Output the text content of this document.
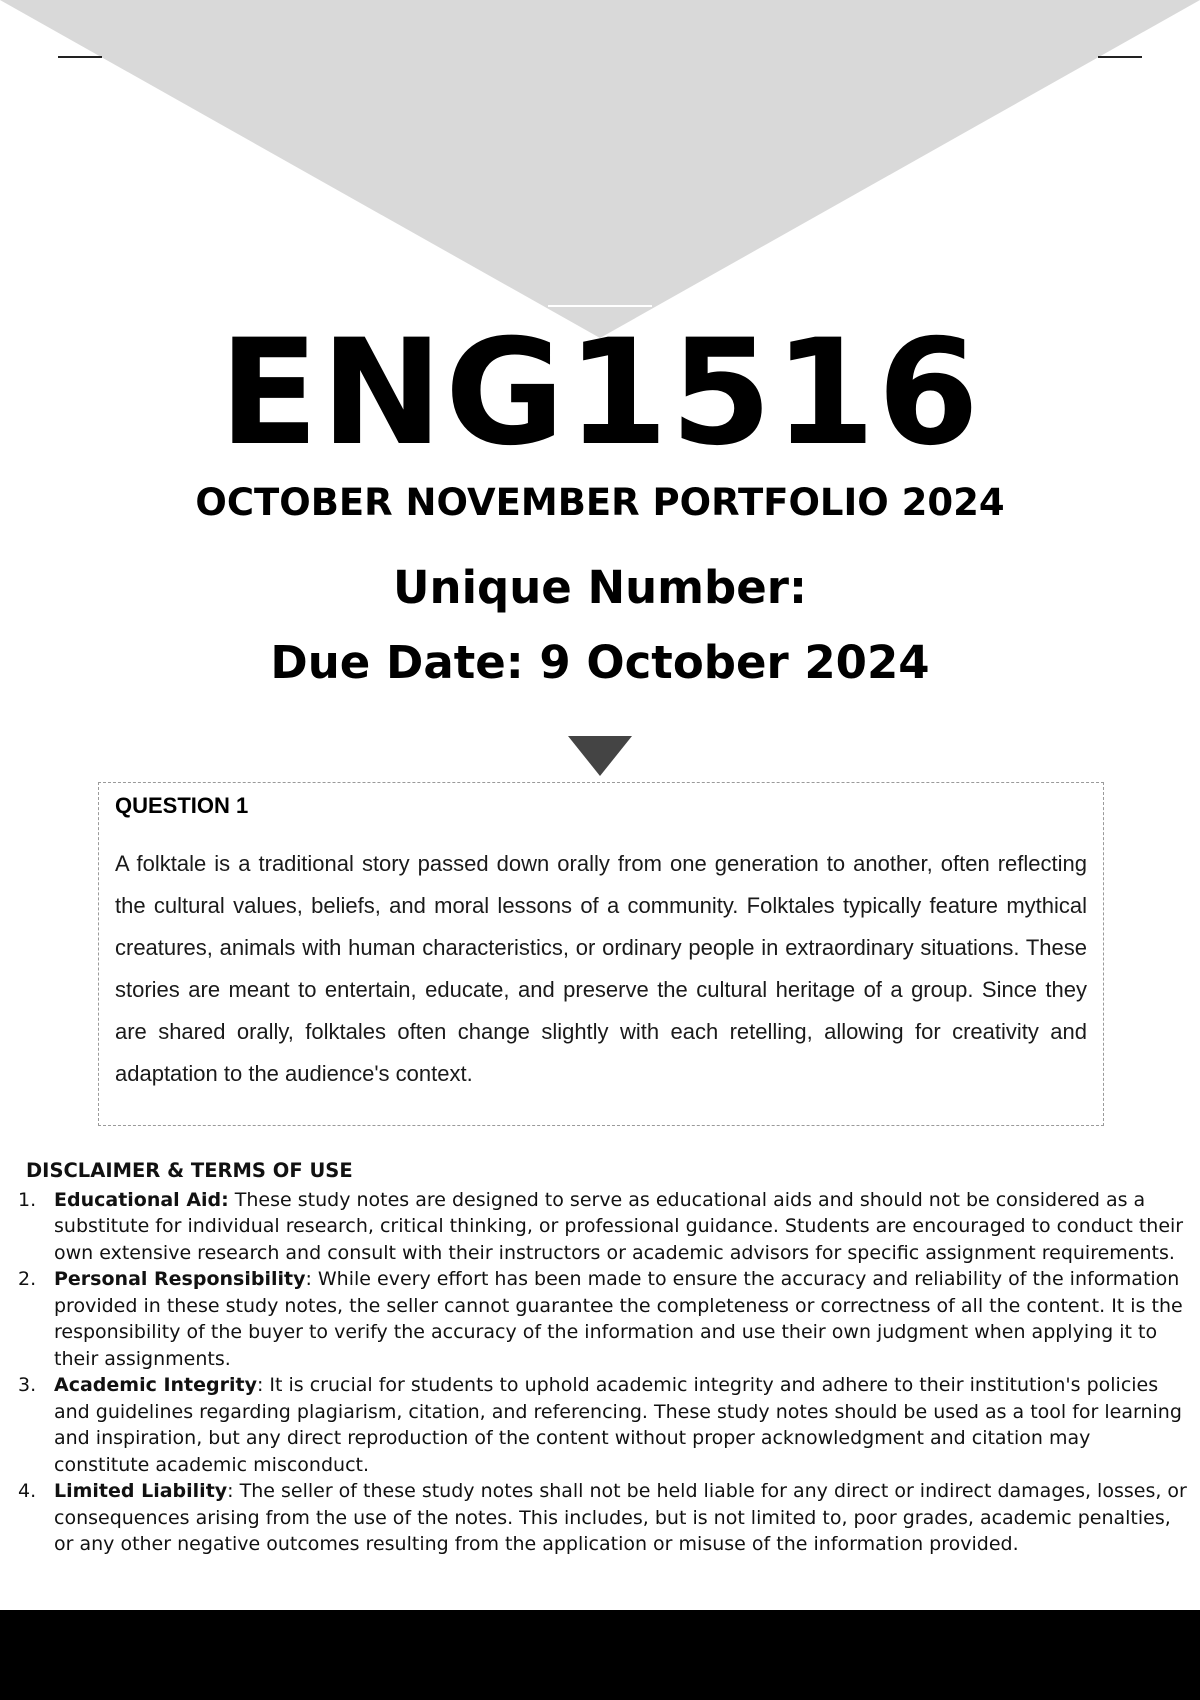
ENG1516
OCTOBER NOVEMBER PORTFOLIO 2024
Unique Number:
Due Date: 9 October 2024
QUESTION 1

A folktale is a traditional story passed down orally from one generation to another, often reflecting the cultural values, beliefs, and moral lessons of a community. Folktales typically feature mythical creatures, animals with human characteristics, or ordinary people in extraordinary situations. These stories are meant to entertain, educate, and preserve the cultural heritage of a group. Since they are shared orally, folktales often change slightly with each retelling, allowing for creativity and adaptation to the audience's context.

DISCLAIMER & TERMS OF USE
1. Educational Aid: These study notes are designed to serve as educational aids and should not be considered as a substitute for individual research, critical thinking, or professional guidance. Students are encouraged to conduct their own extensive research and consult with their instructors or academic advisors for specific assignment requirements.
2. Personal Responsibility: While every effort has been made to ensure the accuracy and reliability of the information provided in these study notes, the seller cannot guarantee the completeness or correctness of all the content. It is the responsibility of the buyer to verify the accuracy of the information and use their own judgment when applying it to their assignments.
3. Academic Integrity: It is crucial for students to uphold academic integrity and adhere to their institution's policies and guidelines regarding plagiarism, citation, and referencing. These study notes should be used as a tool for learning and inspiration, but any direct reproduction of the content without proper acknowledgment and citation may constitute academic misconduct.
4. Limited Liability: The seller of these study notes shall not be held liable for any direct or indirect damages, losses, or consequences arising from the use of the notes. This includes, but is not limited to, poor grades, academic penalties, or any other negative outcomes resulting from the application or misuse of the information provided.
